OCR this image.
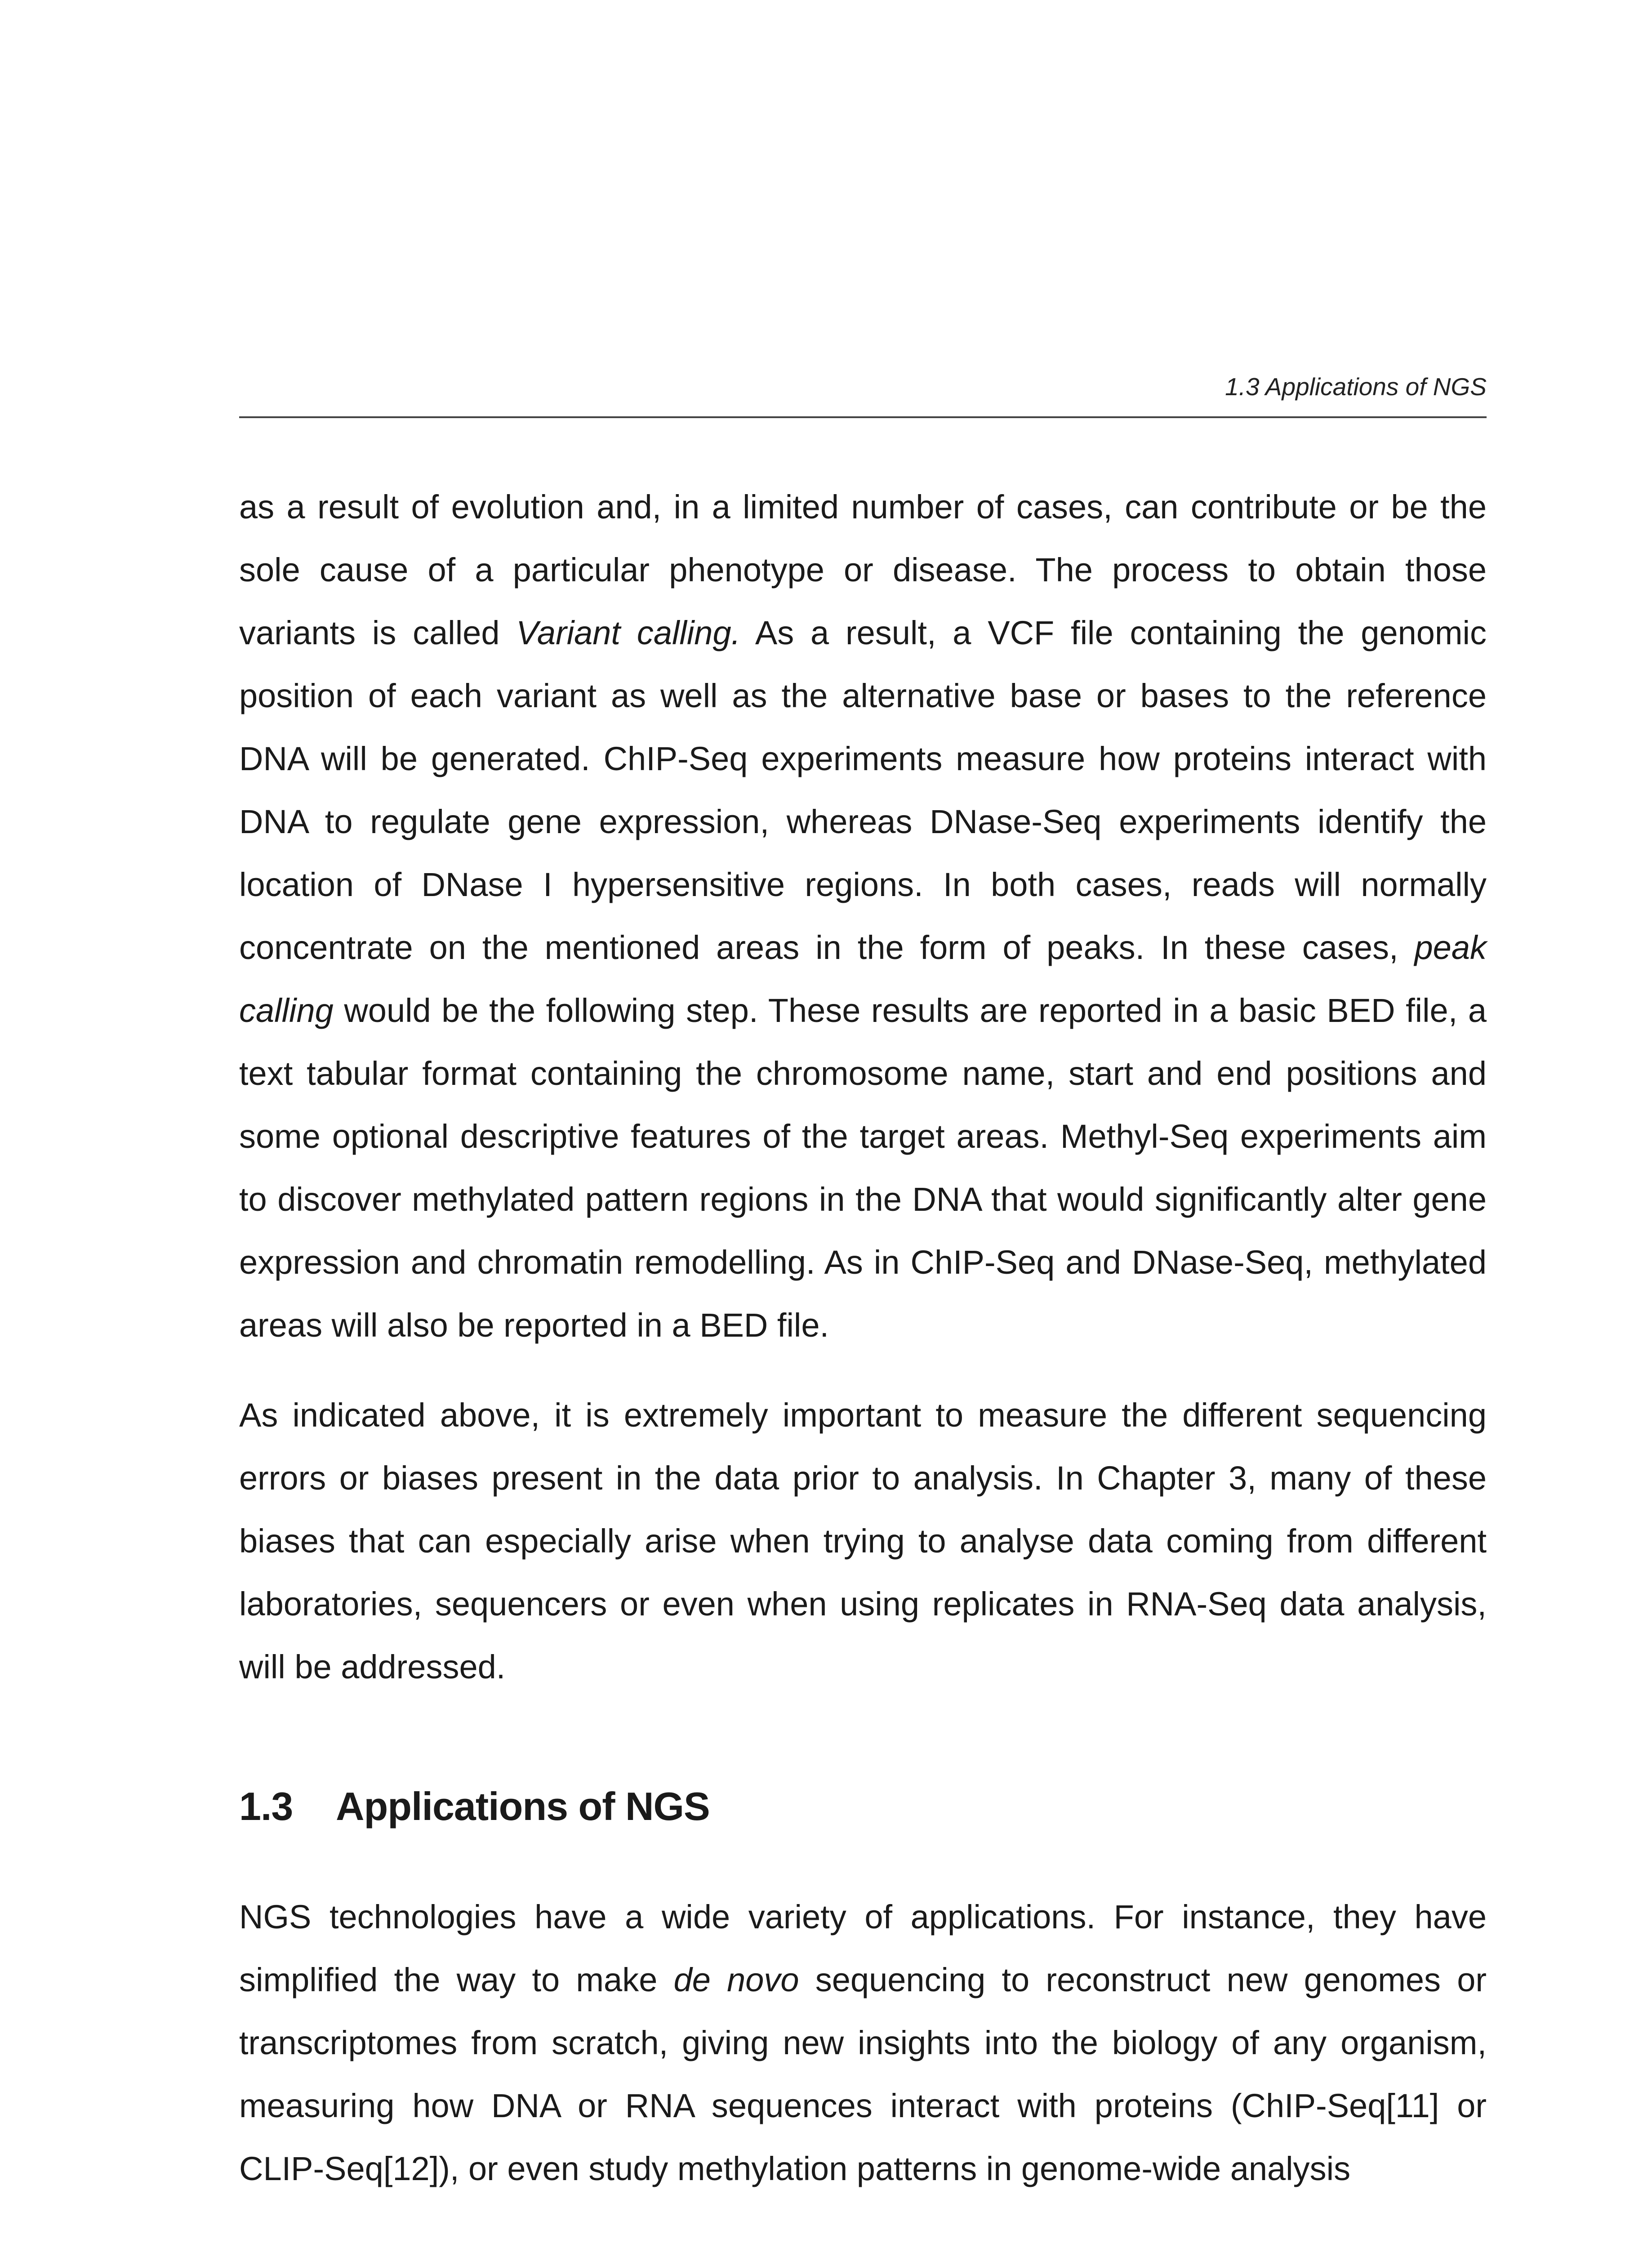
1.3 Applications of NGS

as a result of evolution and, in a limited number of cases, can contribute or be the sole cause of a particular phenotype or disease. The process to obtain those variants is called Variant calling. As a result, a VCF file containing the genomic position of each variant as well as the alternative base or bases to the reference DNA will be generated. ChIP-Seq experiments measure how proteins interact with DNA to regulate gene expression, whereas DNase-Seq experiments identify the location of DNase I hypersensitive regions. In both cases, reads will normally concentrate on the mentioned areas in the form of peaks. In these cases, peak calling would be the following step. These results are reported in a basic BED file, a text tabular format containing the chromosome name, start and end positions and some optional descriptive features of the target areas. Methyl-Seq experiments aim to discover methylated pattern regions in the DNA that would significantly alter gene expression and chromatin remodelling. As in ChIP-Seq and DNase-Seq, methylated areas will also be reported in a BED file.

As indicated above, it is extremely important to measure the different sequencing errors or biases present in the data prior to analysis. In Chapter 3, many of these biases that can especially arise when trying to analyse data coming from different laboratories, sequencers or even when using replicates in RNA-Seq data analysis, will be addressed.

1.3 Applications of NGS

NGS technologies have a wide variety of applications. For instance, they have simplified the way to make de novo sequencing to reconstruct new genomes or transcriptomes from scratch, giving new insights into the biology of any organism, measuring how DNA or RNA sequences interact with proteins (ChIP-Seq[11] or CLIP-Seq[12]), or even study methylation patterns in genome-wide analysis
